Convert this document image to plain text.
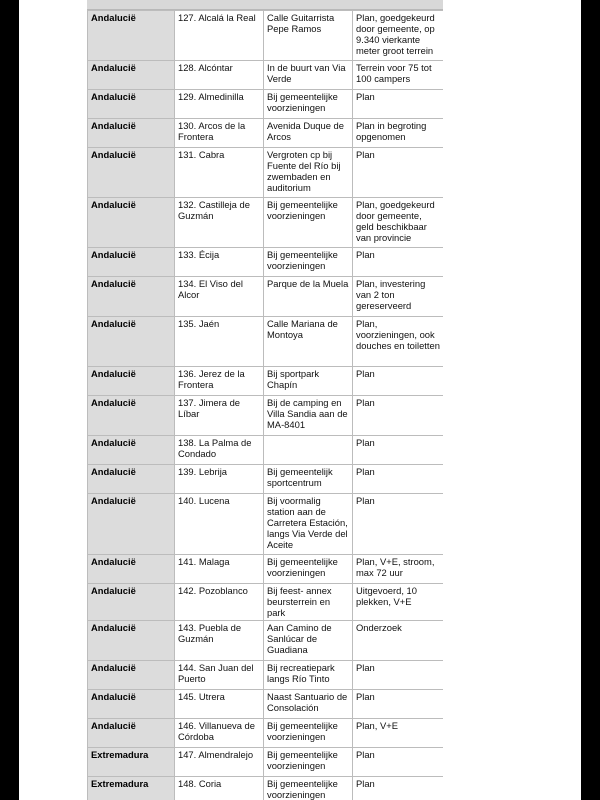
Andalucië	127. Alcalá la Real	Calle Guitarrista Pepe Ramos	Plan, goedgekeurd door gemeente, op 9.340 vierkante meter groot terrein
Andalucië	128. Alcóntar	In de buurt van Via Verde	Terrein voor 75 tot 100 campers
Andalucië	129. Almedinilla	Bij gemeentelijke voorzieningen	Plan
Andalucië	130. Arcos de la Frontera	Avenida Duque de Arcos	Plan in begroting opgenomen
Andalucië	131. Cabra	Vergroten cp bij Fuente del Río bij zwembaden en auditorium	Plan
Andalucië	132. Castilleja de Guzmán	Bij gemeentelijke voorzieningen	Plan, goedgekeurd door gemeente, geld beschikbaar van provincie
Andalucië	133. Écija	Bij gemeentelijke voorzieningen	Plan
Andalucië	134. El Viso del Alcor	Parque de la Muela	Plan, investering van 2 ton gereserveerd
Andalucië	135. Jaén	Calle Mariana de Montoya	Plan, voorzieningen, ook douches en toiletten
Andalucië	136. Jerez de la Frontera	Bij sportpark Chapín	Plan
Andalucië	137. Jimera de Líbar	Bij de camping en Villa Sandia aan de MA-8401	Plan
Andalucië	138. La Palma de Condado		Plan
Andalucië	139. Lebrija	Bij gemeentelijk sportcentrum	Plan
Andalucië	140. Lucena	Bij voormalig station aan de Carretera Estación, langs Via Verde del Aceite	Plan
Andalucië	141. Malaga	Bij gemeentelijke voorzieningen	Plan, V+E, stroom, max 72 uur
Andalucië	142. Pozoblanco	Bij feest- annex beursterrein en park	Uitgevoerd, 10 plekken, V+E
Andalucië	143. Puebla de Guzmán	Aan Camino de Sanlúcar de Guadiana	Onderzoek
Andalucië	144. San Juan del Puerto	Bij recreatiepark langs Río Tinto	Plan
Andalucië	145. Utrera	Naast Santuario de Consolación	Plan
Andalucië	146. Villanueva de Córdoba	Bij gemeentelijke voorzieningen	Plan, V+E
Extremadura	147. Almendralejo	Bij gemeentelijke voorzieningen	Plan
Extremadura	148. Coria	Bij gemeentelijke voorzieningen	Plan
